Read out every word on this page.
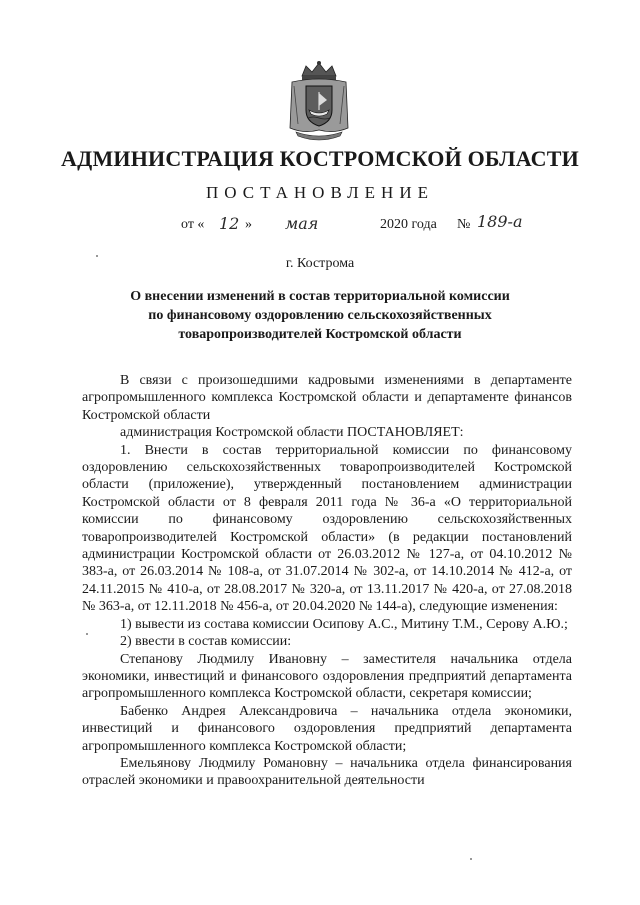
АДМИНИСТРАЦИЯ КОСТРОМСКОЙ ОБЛАСТИ
ПОСТАНОВЛЕНИЕ
от « 12 » мая	2020 года № 189-а
г. Кострома
О внесении изменений в состав территориальной комиссии
по финансовому оздоровлению сельскохозяйственных
товаропроизводителей Костромской области

В связи с произошедшими кадровыми изменениями в департаменте агропромышленного комплекса Костромской области и департаменте финансов Костромской области

администрация Костромской области ПОСТАНОВЛЯЕТ:

1. Внести в состав территориальной комиссии по финансовому оздоровлению сельскохозяйственных товаропроизводителей Костромской области (приложение), утвержденный постановлением администрации Костромской области от 8 февраля 2011 года № 36-а «О территориальной комиссии по финансовому оздоровлению сельскохозяйственных товаропроизводителей Костромской области» (в редакции постановлений администрации Костромской области от 26.03.2012 № 127-а, от 04.10.2012 № 383-а, от 26.03.2014 № 108-а, от 31.07.2014 № 302-а, от 14.10.2014 № 412-а, от 24.11.2015 № 410-а, от 28.08.2017 № 320-а, от 13.11.2017 № 420-а, от 27.08.2018 № 363-а, от 12.11.2018 № 456-а, от 20.04.2020 № 144-а), следующие изменения:

1) вывести из состава комиссии Осипову А.С., Митину Т.М., Серову А.Ю.;

2) ввести в состав комиссии:

Степанову Людмилу Ивановну – заместителя начальника отдела экономики, инвестиций и финансового оздоровления предприятий департамента агропромышленного комплекса Костромской области, секретаря комиссии;

Бабенко Андрея Александровича – начальника отдела экономики, инвестиций и финансового оздоровления предприятий департамента агропромышленного комплекса Костромской области;

Емельянову Людмилу Романовну – начальника отдела финансирования отраслей экономики и правоохранительной деятельности
